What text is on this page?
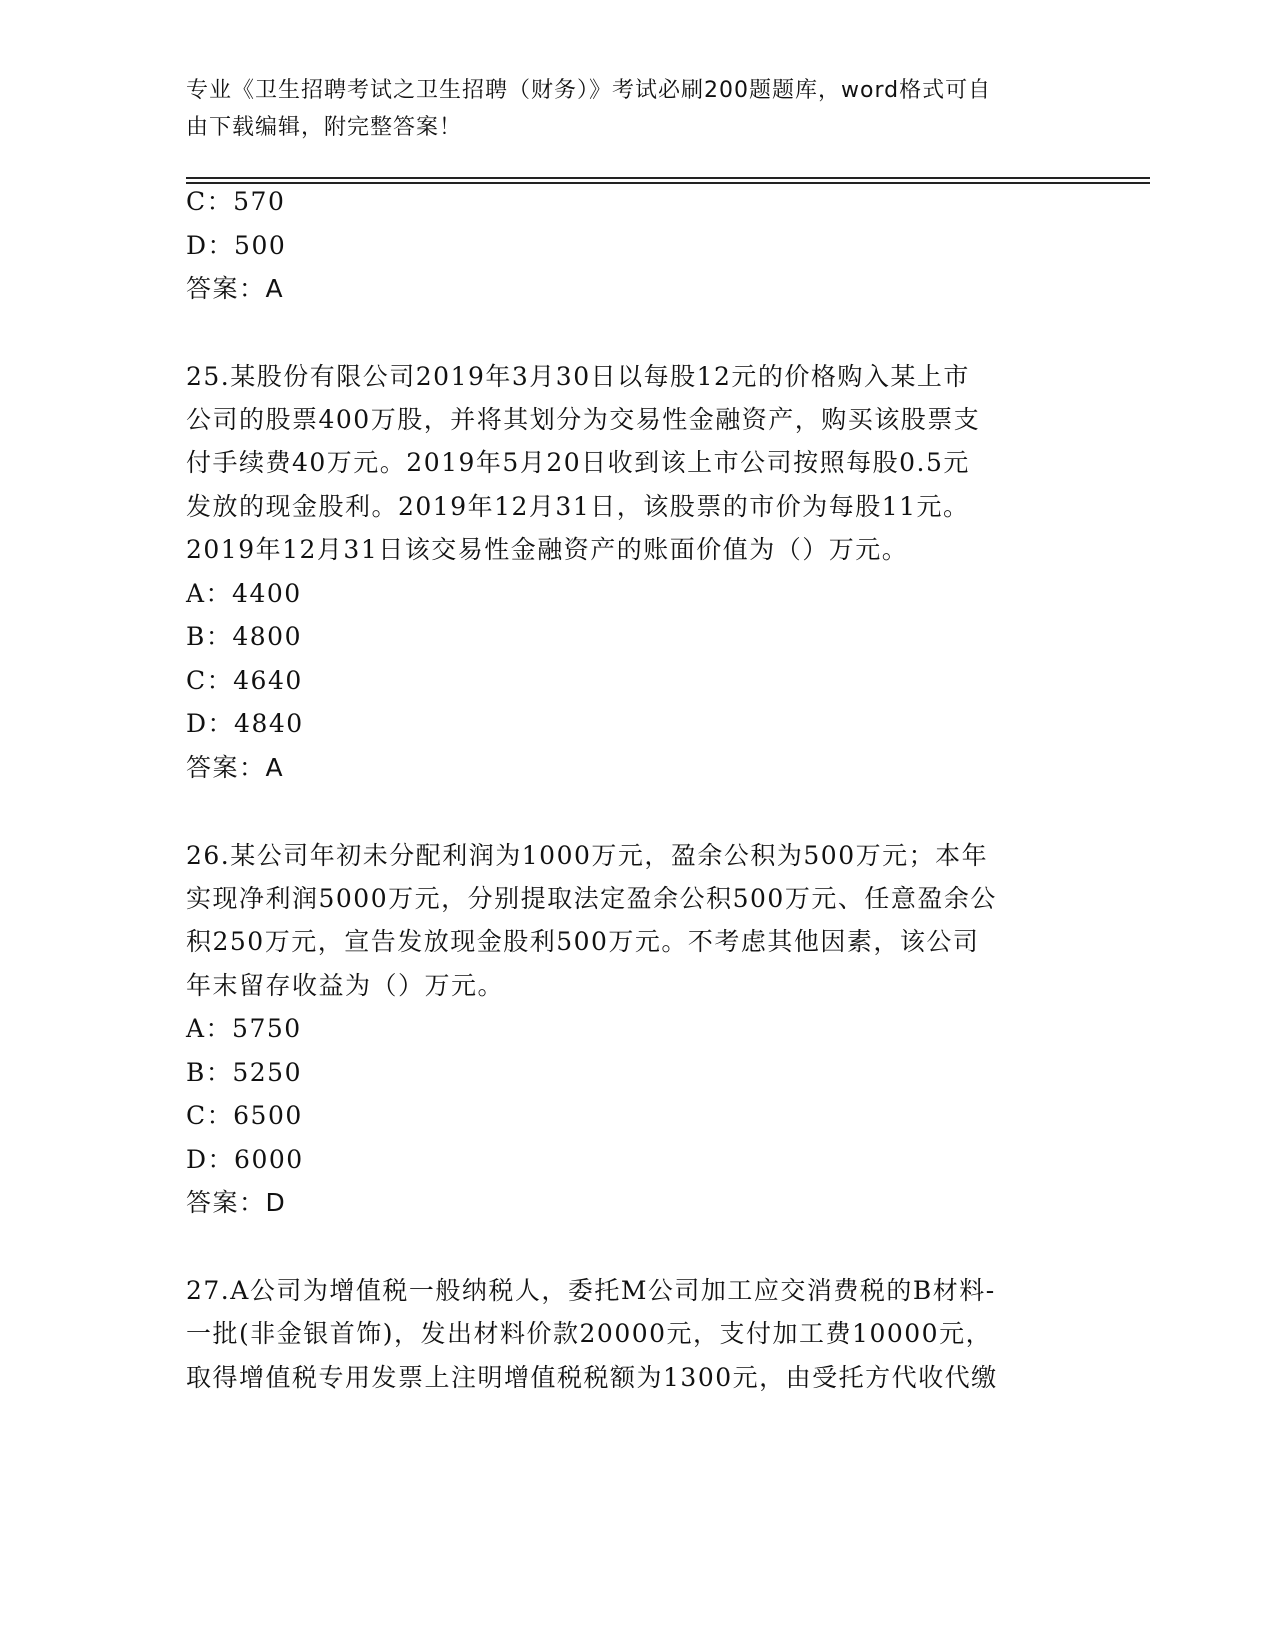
专业《卫生招聘考试之卫生招聘（财务）》考试必刷200题题库，word格式可自
由下载编辑，附完整答案！
C：570
D：500
答案：A
25.某股份有限公司2019年3月30日以每股12元的价格购入某上市
公司的股票400万股，并将其划分为交易性金融资产，购买该股票支
付手续费40万元。2019年5月20日收到该上市公司按照每股0.5元
发放的现金股利。2019年12月31日，该股票的市价为每股11元。
2019年12月31日该交易性金融资产的账面价值为（）万元。
A：4400
B：4800
C：4640
D：4840
答案：A
26.某公司年初未分配利润为1000万元，盈余公积为500万元；本年
实现净利润5000万元，分别提取法定盈余公积500万元、任意盈余公
积250万元，宣告发放现金股利500万元。不考虑其他因素，该公司
年末留存收益为（）万元。
A：5750
B：5250
C：6500
D：6000
答案：D
27.A公司为增值税一般纳税人，委托M公司加工应交消费税的B材料-
一批(非金银首饰)，发出材料价款20000元，支付加工费10000元，
取得增值税专用发票上注明增值税税额为1300元，由受托方代收代缴
